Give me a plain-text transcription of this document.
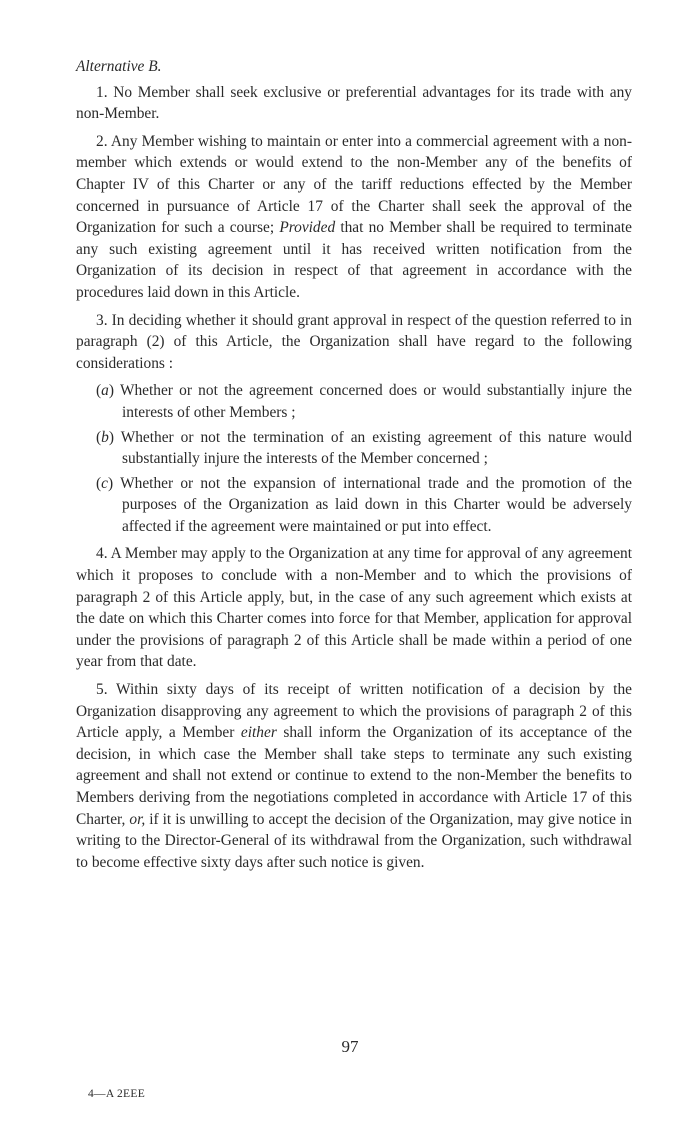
Alternative B.

1. No Member shall seek exclusive or preferential advantages for its trade with any non-Member.

2. Any Member wishing to maintain or enter into a commercial agreement with a non-member which extends or would extend to the non-Member any of the benefits of Chapter IV of this Charter or any of the tariff reductions effected by the Member concerned in pursuance of Article 17 of the Charter shall seek the approval of the Organization for such a course; Provided that no Member shall be required to terminate any such existing agreement until it has received written notification from the Organization of its decision in respect of that agreement in accordance with the procedures laid down in this Article.

3. In deciding whether it should grant approval in respect of the question referred to in paragraph (2) of this Article, the Organization shall have regard to the following considerations :

(a) Whether or not the agreement concerned does or would substantially injure the interests of other Members ;
(b) Whether or not the termination of an existing agreement of this nature would substantially injure the interests of the Member concerned ;
(c) Whether or not the expansion of international trade and the promotion of the purposes of the Organization as laid down in this Charter would be adversely affected if the agreement were maintained or put into effect.

4. A Member may apply to the Organization at any time for approval of any agreement which it proposes to conclude with a non-Member and to which the provisions of paragraph 2 of this Article apply, but, in the case of any such agreement which exists at the date on which this Charter comes into force for that Member, application for approval under the provisions of paragraph 2 of this Article shall be made within a period of one year from that date.

5. Within sixty days of its receipt of written notification of a decision by the Organization disapproving any agreement to which the provisions of paragraph 2 of this Article apply, a Member either shall inform the Organization of its acceptance of the decision, in which case the Member shall take steps to terminate any such existing agreement and shall not extend or continue to extend to the non-Member the benefits to Members deriving from the negotiations completed in accordance with Article 17 of this Charter, or, if it is unwilling to accept the decision of the Organization, may give notice in writing to the Director-General of its withdrawal from the Organization, such withdrawal to become effective sixty days after such notice is given.

97
4—A 2EEE
